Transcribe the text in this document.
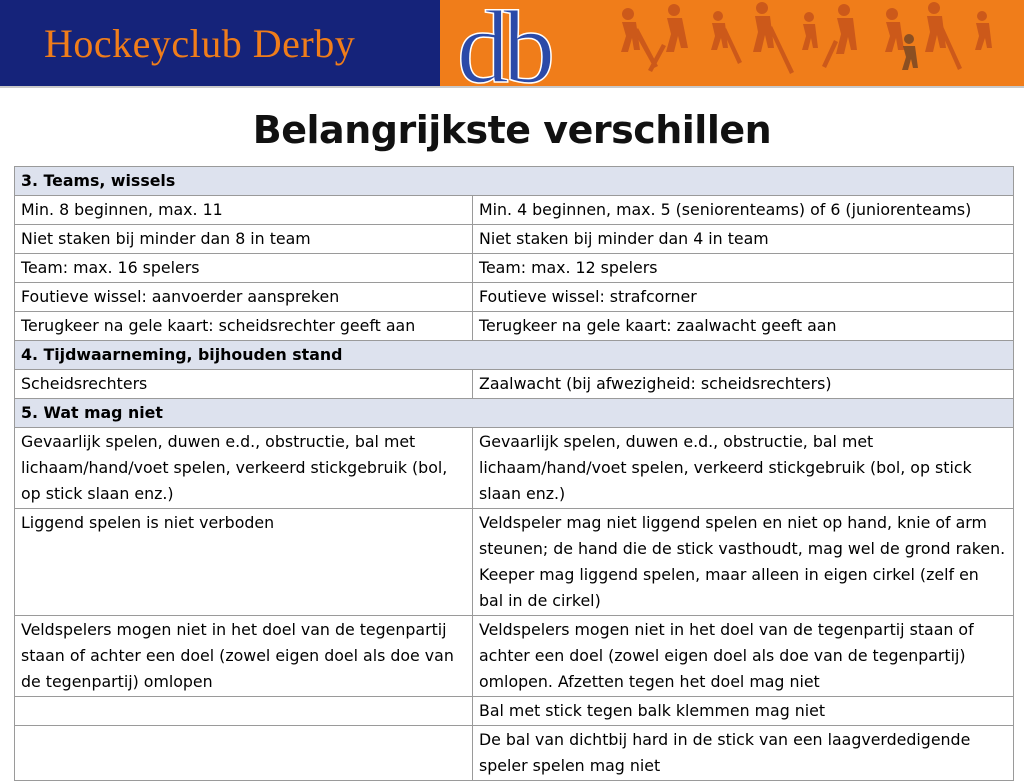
Hockeyclub Derby db
Belangrijkste verschillen
3. Teams, wissels	
Min. 8 beginnen, max. 11	Min. 4 beginnen, max. 5 (seniorenteams) of 6 (juniorenteams)
Niet staken bij minder dan 8 in team	Niet staken bij minder dan 4 in team
Team: max. 16 spelers	Team: max. 12 spelers
Foutieve wissel: aanvoerder aanspreken	Foutieve wissel: strafcorner
Terugkeer na gele kaart: scheidsrechter geeft aan	Terugkeer na gele kaart: zaalwacht geeft aan
4. Tijdwaarneming, bijhouden stand	
Scheidsrechters	Zaalwacht (bij afwezigheid: scheidsrechters)
5. Wat mag niet	
Gevaarlijk spelen, duwen e.d., obstructie, bal met lichaam/hand/voet spelen, verkeerd stickgebruik (bol, op stick slaan enz.)	Gevaarlijk spelen, duwen e.d., obstructie, bal met lichaam/hand/voet spelen, verkeerd stickgebruik (bol, op stick slaan enz.)
Liggend spelen is niet verboden	Veldspeler mag niet liggend spelen en niet op hand, knie of arm steunen; de hand die de stick vasthoudt, mag wel de grond raken. Keeper mag liggend spelen, maar alleen in eigen cirkel (zelf en bal in de cirkel)
Veldspelers mogen niet in het doel van de tegenpartij staan of achter een doel (zowel eigen doel als doe van de tegenpartij) omlopen	Veldspelers mogen niet in het doel van de tegenpartij staan of achter een doel (zowel eigen doel als doe van de tegenpartij) omlopen. Afzetten tegen het doel mag niet
	Bal met stick tegen balk klemmen mag niet
	De bal van dichtbij hard in de stick van een laagverdedigende speler spelen mag niet
